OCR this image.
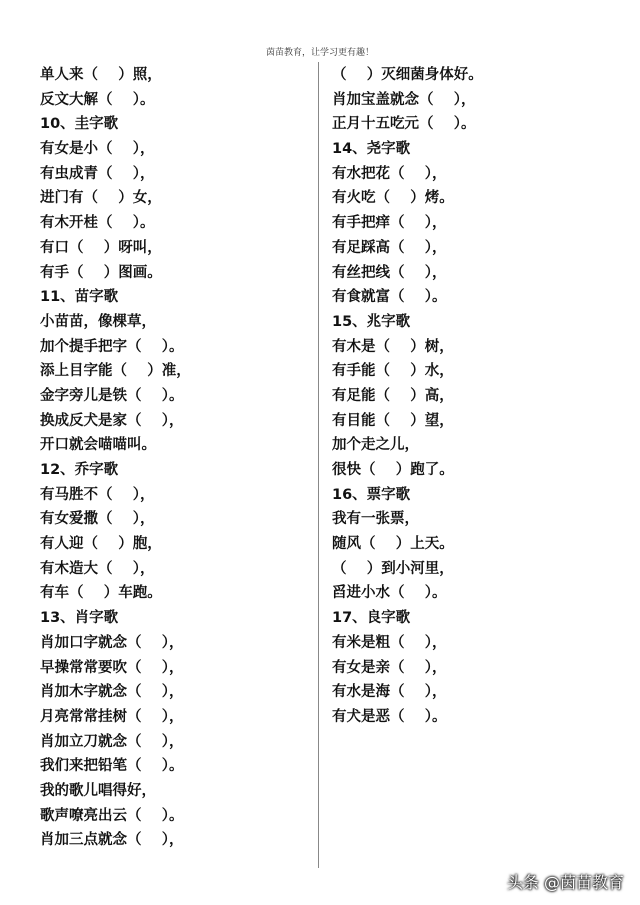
茵苗教育，让学习更有趣！
单人来（    ）照，
反文大解（    ）。
10、圭字歌
有女是小（    ），
有虫成青（    ），
进门有（    ）女，
有木开桂（    ）。
有口（    ）呀叫，
有手（    ）图画。
11、苗字歌
小苗苗，像棵草，
加个提手把字（    ）。
添上目字能（    ）准，
金字旁儿是铁（    ）。
换成反犬是家（    ），
开口就会喵喵叫。
12、乔字歌
有马胜不（    ），
有女爱撒（    ），
有人迎（    ）胞，
有木造大（    ），
有车（    ）车跑。
13、肖字歌
肖加口字就念（    ），
早操常常要吹（    ），
肖加木字就念（    ），
月亮常常挂树（    ），
肖加立刀就念（    ），
我们来把铅笔（    ）。
我的歌儿唱得好，
歌声嘹亮出云（    ）。
肖加三点就念（    ），
（    ）灭细菌身体好。
肖加宝盖就念（    ），
正月十五吃元（    ）。
14、尧字歌
有水把花（    ），
有火吃（    ）烤。
有手把痒（    ），
有足踩高（    ），
有丝把线（    ），
有食就富（    ）。
15、兆字歌
有木是（    ）树，
有手能（    ）水，
有足能（    ）高，
有目能（    ）望，
加个走之儿，
很快（    ）跑了。
16、票字歌
我有一张票，
随风（    ）上天。
（    ）到小河里，
舀进小水（    ）。
17、良字歌
有米是粗（    ），
有女是亲（    ），
有水是海（    ），
有犬是恶（    ）。
头条 @茵苗教育
